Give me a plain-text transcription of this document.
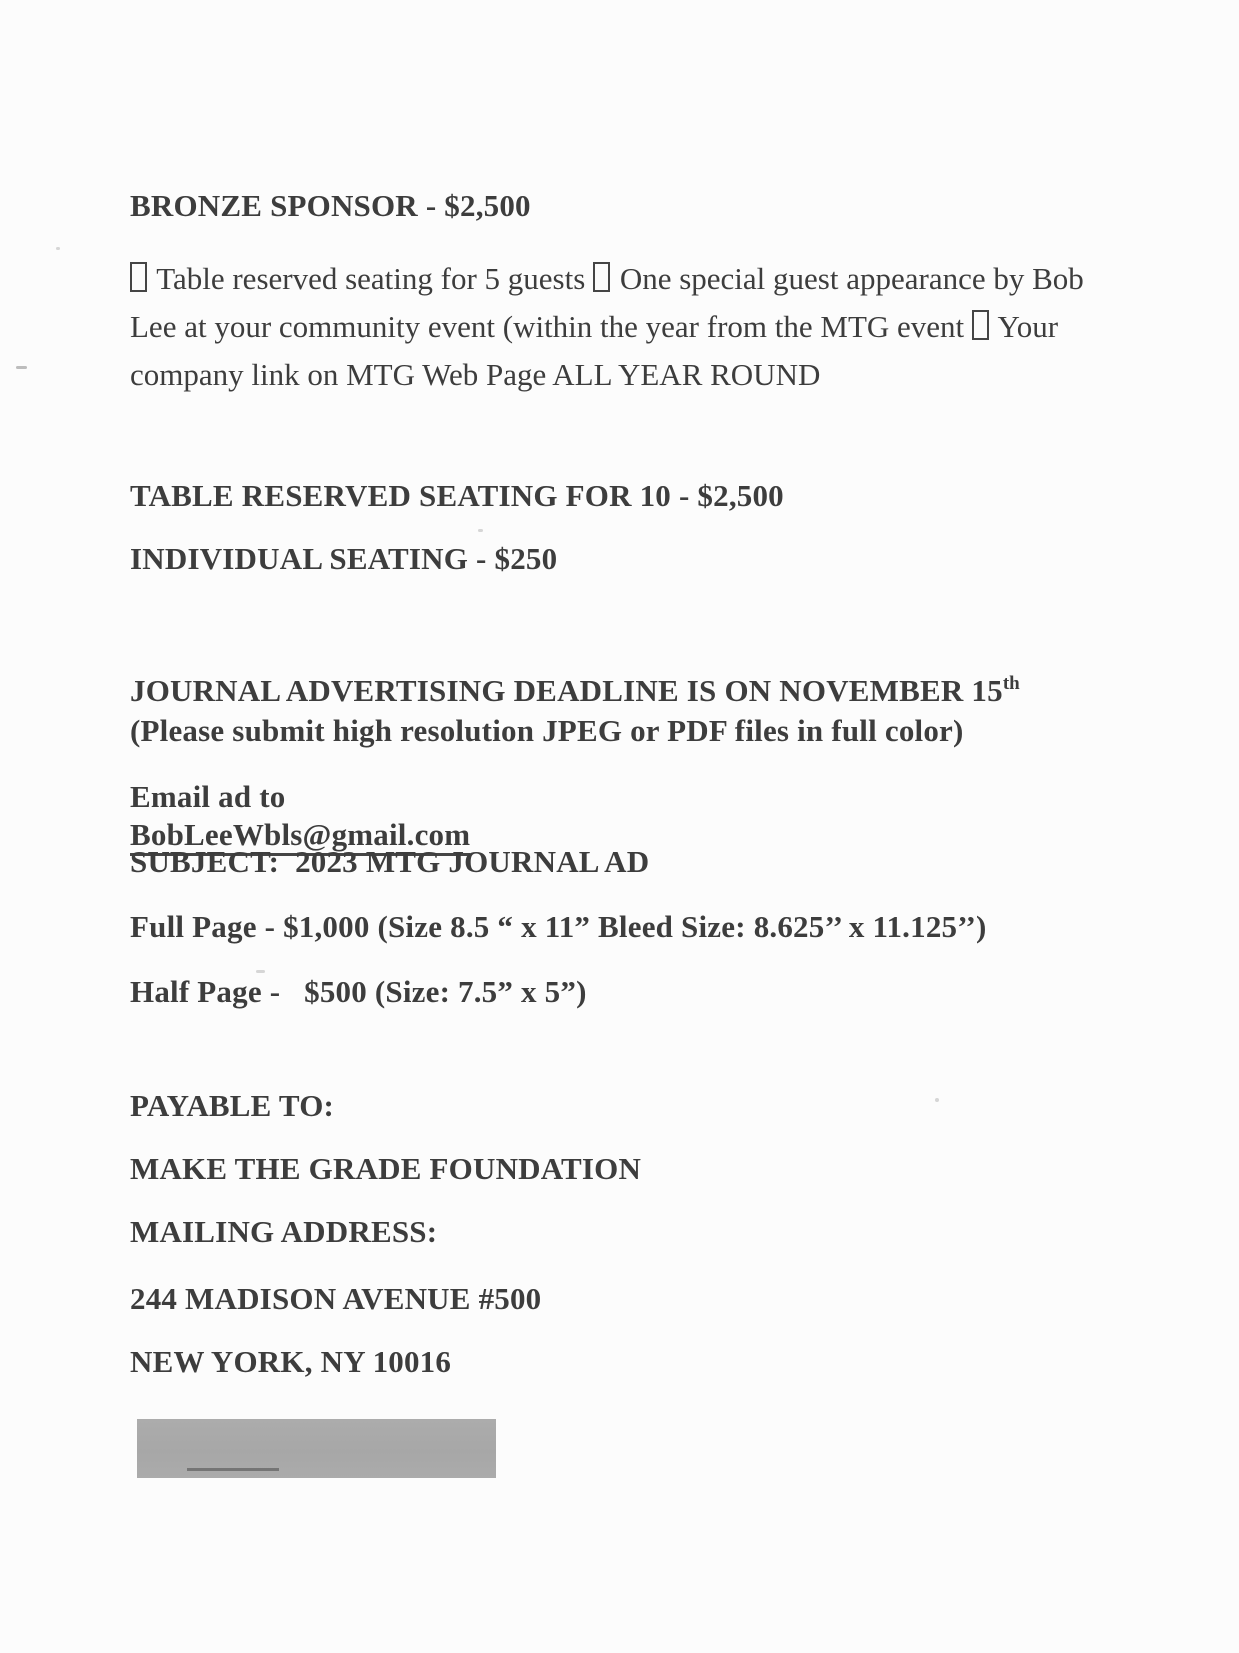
BRONZE SPONSOR - $2,500

Table reserved seating for 5 guests One special guest appearance by Bob Lee at your community event (within the year from the MTG event Your company link on MTG Web Page ALL YEAR ROUND

TABLE RESERVED SEATING FOR 10 - $2,500
INDIVIDUAL SEATING - $250
JOURNAL ADVERTISING DEADLINE IS ON NOVEMBER 15th
(Please submit high resolution JPEG or PDF files in full color)

Email ad to
BobLeeWbls@gmail.com

SUBJECT:  2023 MTG JOURNAL AD

Full Page - $1,000 (Size 8.5 “ x 11” Bleed Size: 8.625’’ x 11.125’’)

Half Page -   $500 (Size: 7.5” x 5”)

PAYABLE TO:

MAKE THE GRADE FOUNDATION

MAILING ADDRESS:

244 MADISON AVENUE #500

NEW YORK, NY 10016
